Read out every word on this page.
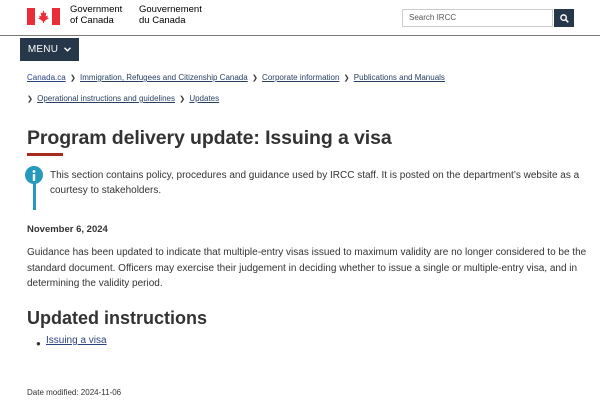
Government
of Canada
Gouvernement
du Canada	Search IRCC
MENU
Canada.ca ❯ Immigration, Refugees and Citizenship Canada ❯ Corporate information ❯ Publications and Manuals
❯ Operational instructions and guidelines ❯ Updates
Program delivery update: Issuing a visa

This section contains policy, procedures and guidance used by IRCC staff. It is posted on the department’s website as a courtesy to stakeholders.

November 6, 2024

Guidance has been updated to indicate that multiple-entry visas issued to maximum validity are no longer considered to be the standard document. Officers may exercise their judgement in deciding whether to issue a single or multiple-entry visa, and in determining the validity period.

Updated instructions
● Issuing a visa

Date modified: 2024-11-06
